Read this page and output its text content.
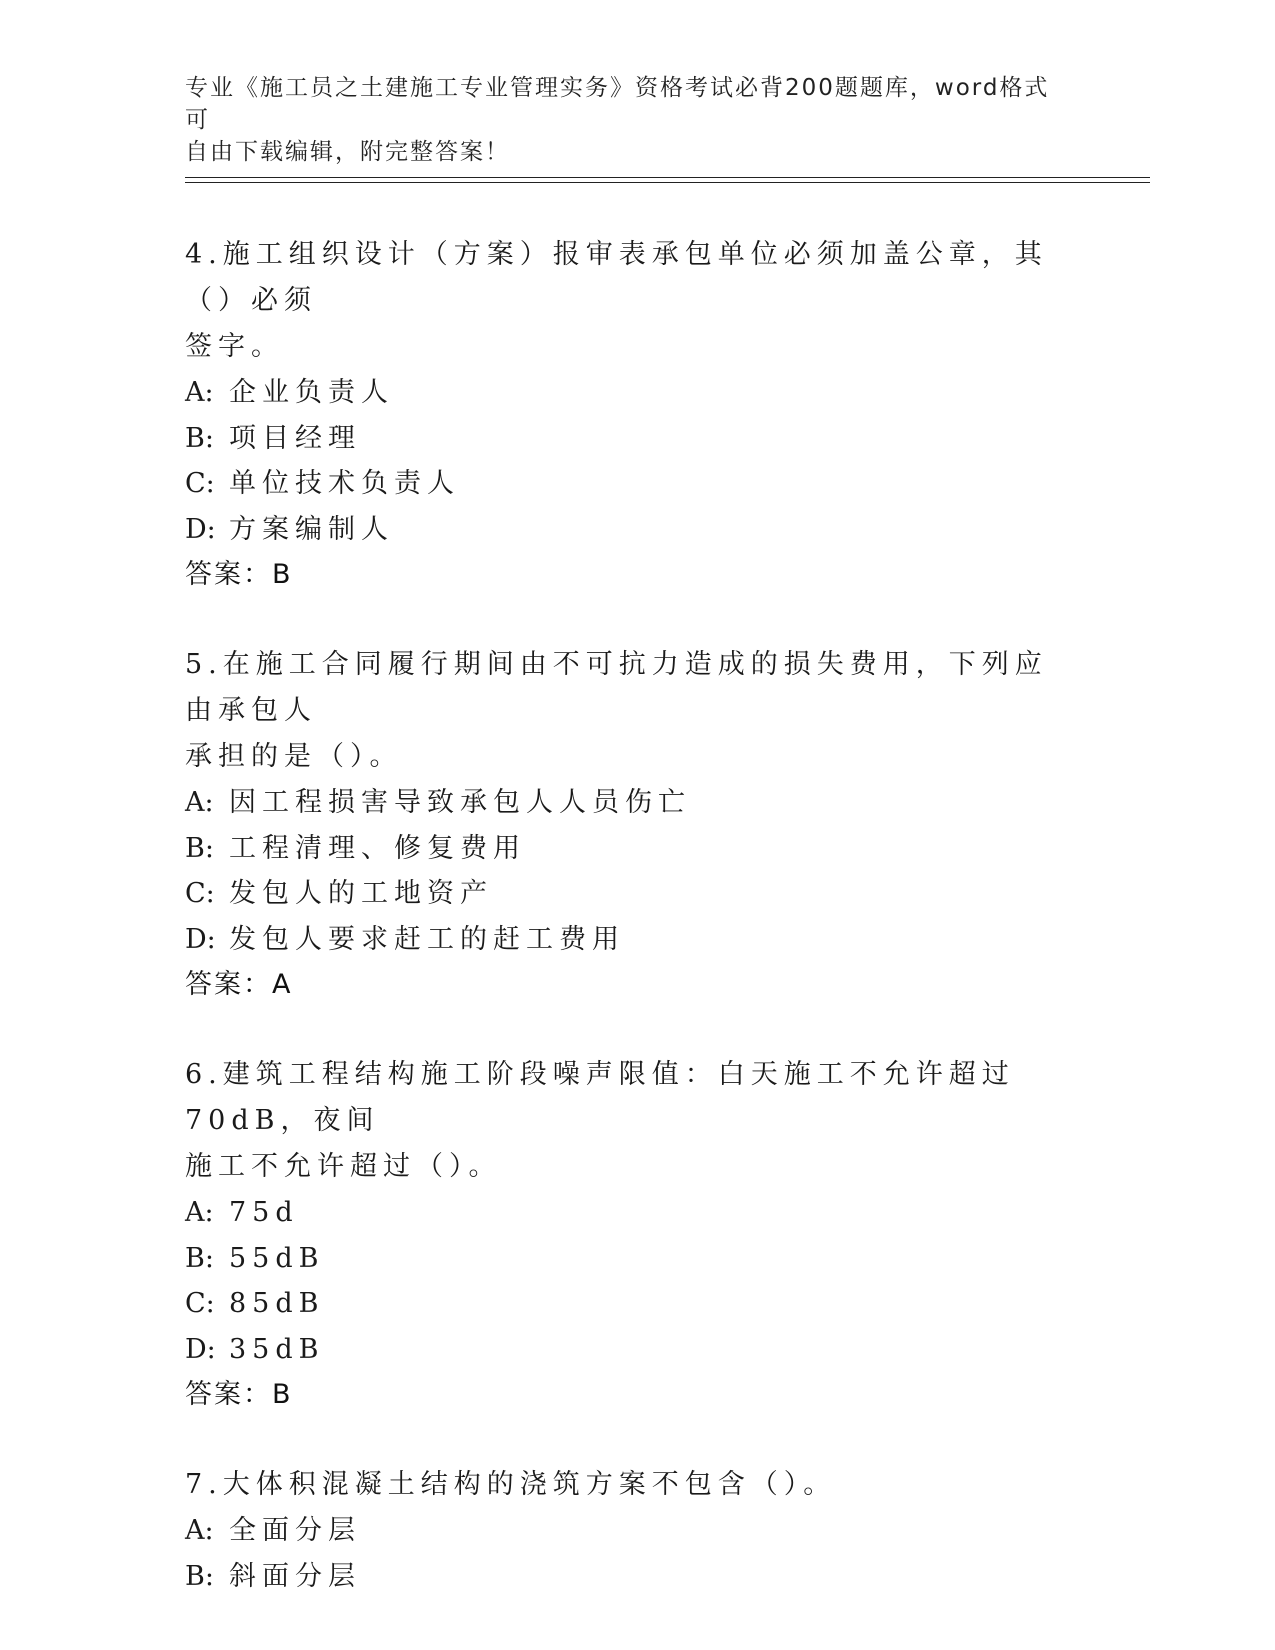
专业《施工员之土建施工专业管理实务》资格考试必背200题题库，word格式可
自由下载编辑，附完整答案！

4.施工组织设计（方案）报审表承包单位必须加盖公章，其（）必须
签字。

A: 企业负责人

B: 项目经理

C: 单位技术负责人

D: 方案编制人

答案：B

5.在施工合同履行期间由不可抗力造成的损失费用，下列应由承包人
承担的是（）。

A: 因工程损害导致承包人人员伤亡

B: 工程清理、修复费用

C: 发包人的工地资产

D: 发包人要求赶工的赶工费用

答案：A

6.建筑工程结构施工阶段噪声限值：白天施工不允许超过70dB，夜间
施工不允许超过（）。

A: 75d

B: 55dB

C: 85dB

D: 35dB

答案：B

7.大体积混凝土结构的浇筑方案不包含（）。

A: 全面分层

B: 斜面分层
